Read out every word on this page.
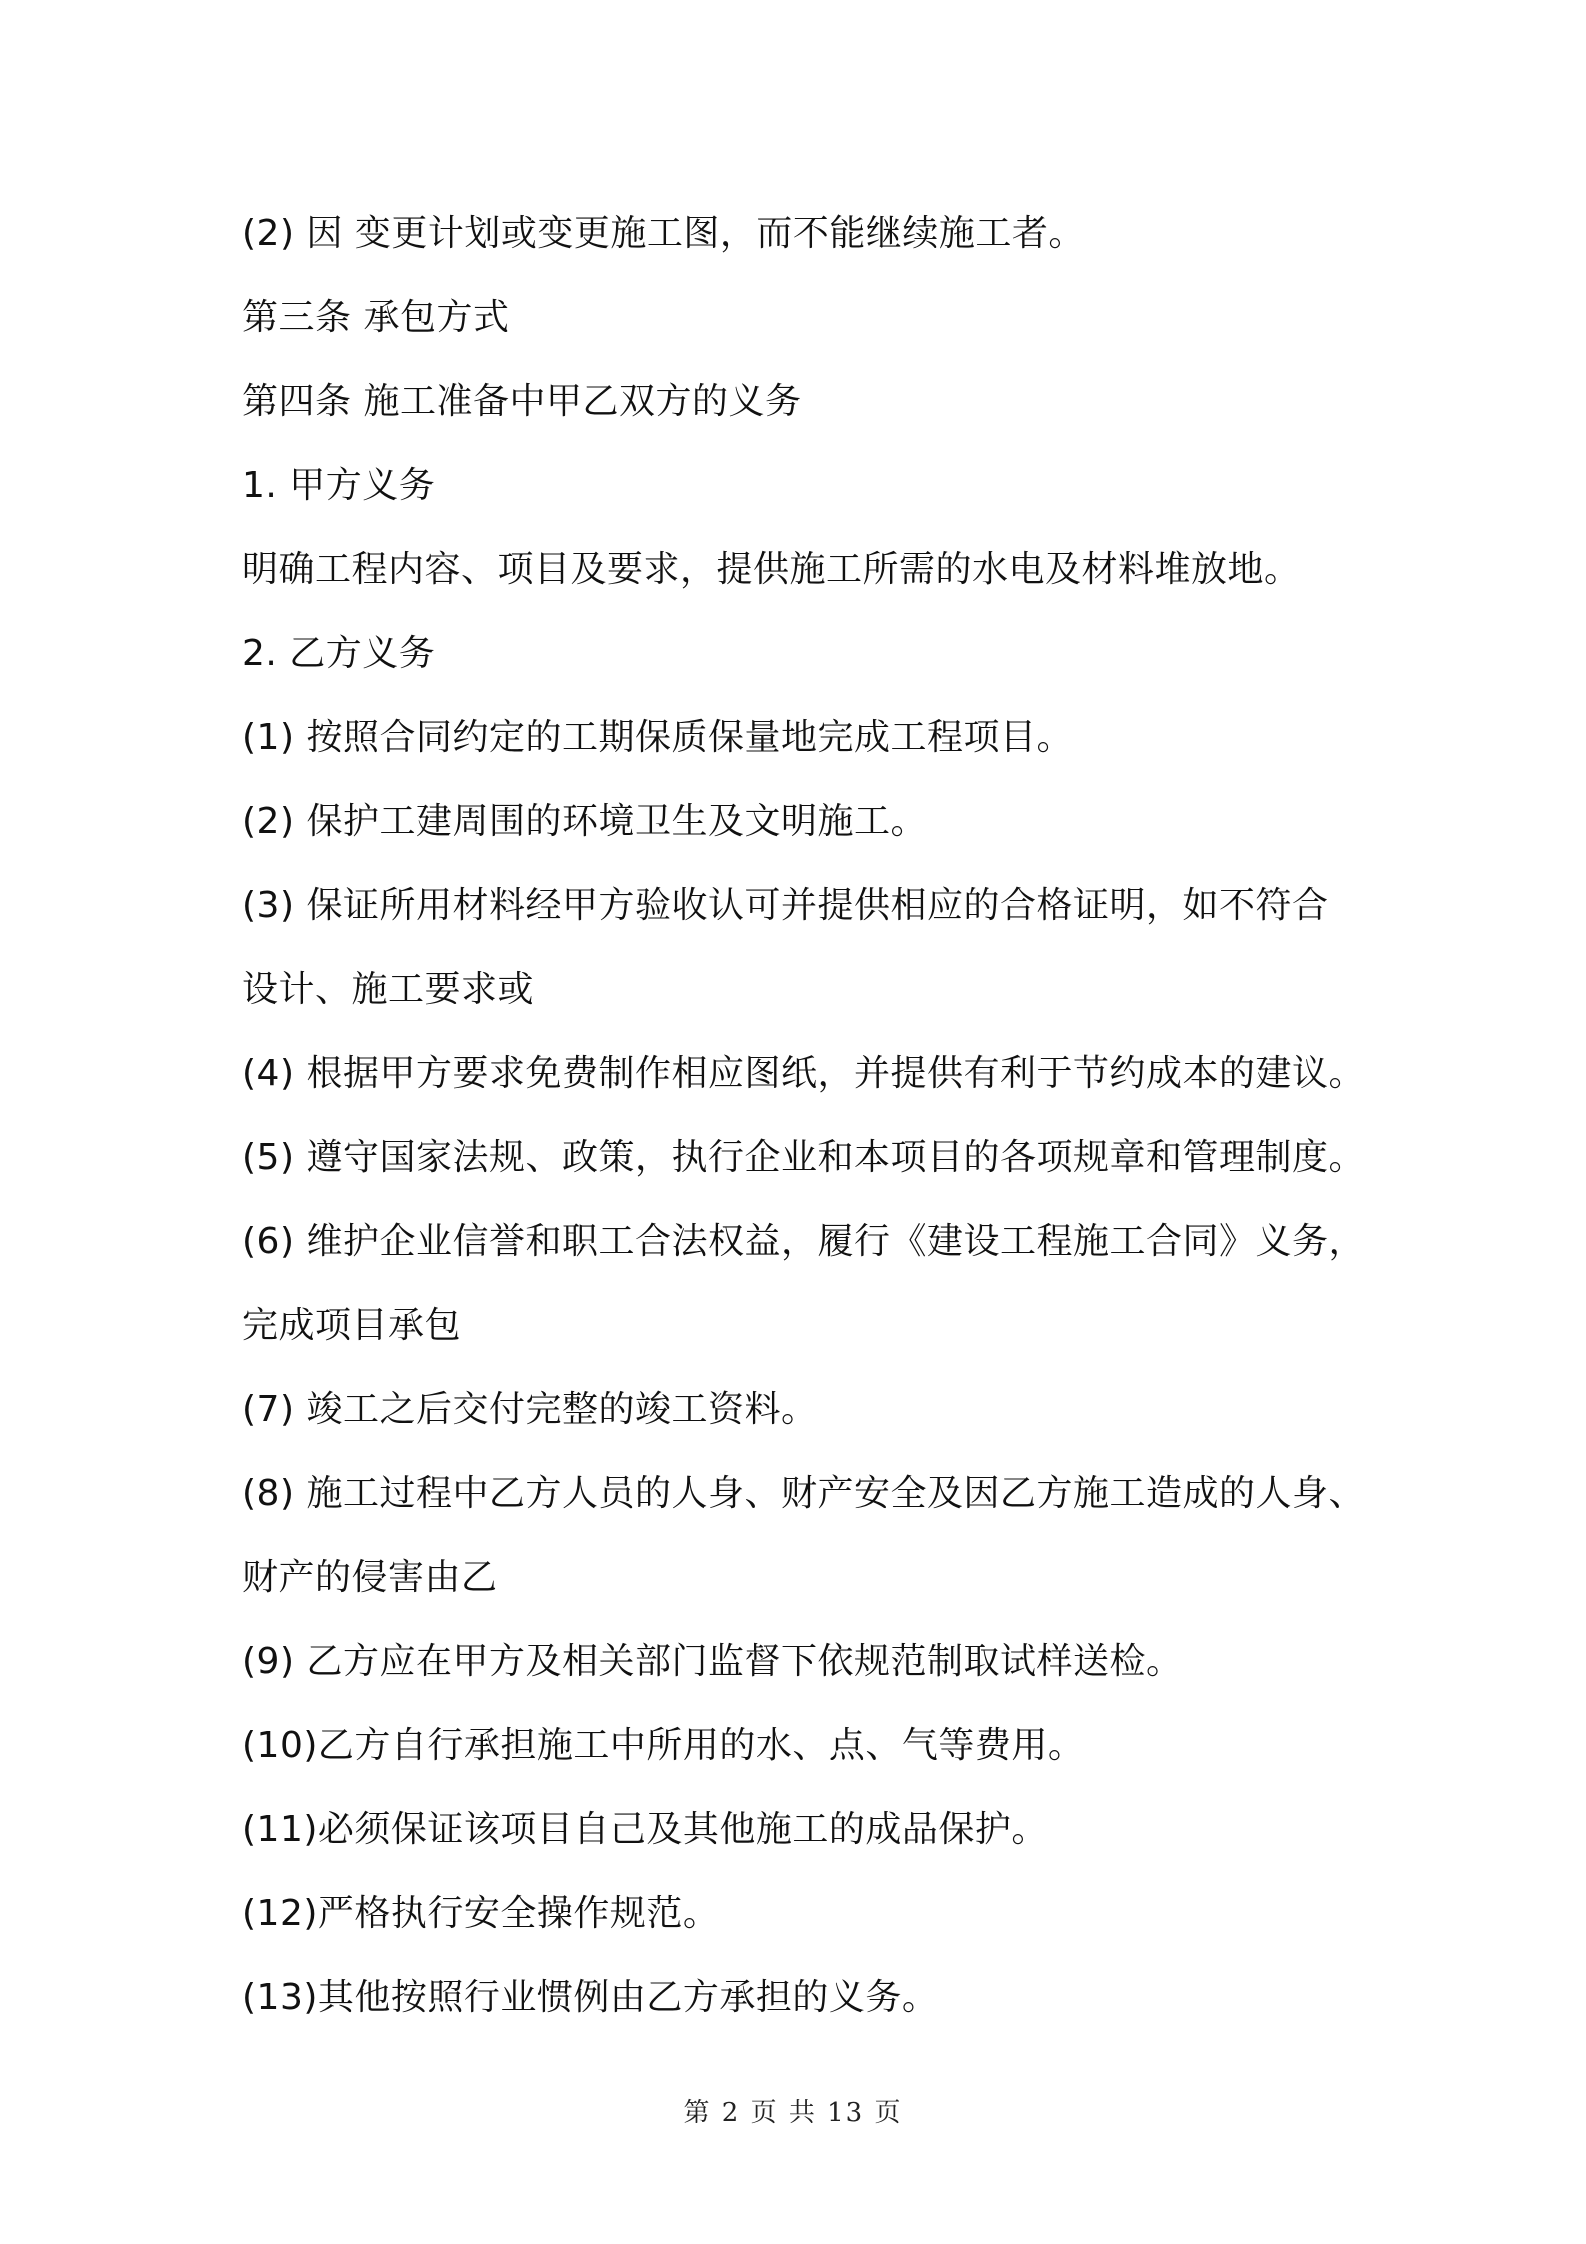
(2) 因 变更计划或变更施工图，而不能继续施工者。
第三条 承包方式
第四条 施工准备中甲乙双方的义务
1. 甲方义务
明确工程内容、项目及要求，提供施工所需的水电及材料堆放地。
2. 乙方义务
(1) 按照合同约定的工期保质保量地完成工程项目。
(2) 保护工建周围的环境卫生及文明施工。
(3) 保证所用材料经甲方验收认可并提供相应的合格证明，如不符合
设计、施工要求或
(4) 根据甲方要求免费制作相应图纸，并提供有利于节约成本的建议。
(5) 遵守国家法规、政策，执行企业和本项目的各项规章和管理制度。
(6) 维护企业信誉和职工合法权益，履行《建设工程施工合同》义务，
完成项目承包
(7) 竣工之后交付完整的竣工资料。
(8) 施工过程中乙方人员的人身、财产安全及因乙方施工造成的人身、
财产的侵害由乙
(9) 乙方应在甲方及相关部门监督下依规范制取试样送检。
(10)乙方自行承担施工中所用的水、点、气等费用。
(11)必须保证该项目自己及其他施工的成品保护。
(12)严格执行安全操作规范。
(13)其他按照行业惯例由乙方承担的义务。
第 2 页 共 13 页
